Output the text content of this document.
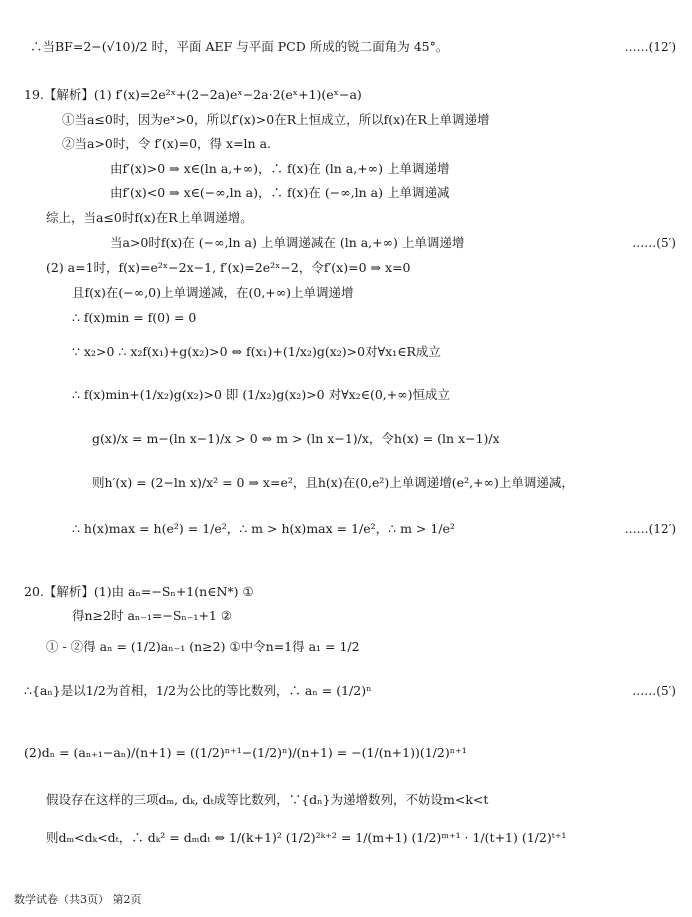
数学试卷（共3页） 第2页
∴当BF=2−(√10)/2 时，平面 AEF 与平面 PCD 所成的锐二面角为 45°。	……(12′)
19.【解析】(1) f′(x)=2e²ˣ+(2−2a)eˣ−2a·2(eˣ+1)(eˣ−a)
①当a≤0时，因为eˣ>0，所以f′(x)>0在R上恒成立，所以f(x)在R上单调递增
②当a>0时，令 f′(x)=0，得 x=ln a.
由f′(x)>0 ⇒ x∈(ln a,+∞)，∴ f(x)在 (ln a,+∞) 上单调递增
由f′(x)<0 ⇒ x∈(−∞,ln a)，∴ f(x)在 (−∞,ln a) 上单调递减
综上，当a≤0时f(x)在R上单调递增。
当a>0时f(x)在 (−∞,ln a) 上单调递减在 (ln a,+∞) 上单调递增	……(5′)
(2) a=1时，f(x)=e²ˣ−2x−1, f′(x)=2e²ˣ−2，令f′(x)=0 ⇒ x=0
且f(x)在(−∞,0)上单调递减，在(0,+∞)上单调递增
∴ f(x)min = f(0) = 0
∵ x₂>0 ∴ x₂f(x₁)+g(x₂)>0 ⇔ f(x₁)+(1/x₂)g(x₂)>0对∀x₁∈R成立
∴ f(x)min+(1/x₂)g(x₂)>0 即 (1/x₂)g(x₂)>0 对∀x₂∈(0,+∞)恒成立
g(x)/x = m−(ln x−1)/x > 0 ⇔ m > (ln x−1)/x，令h(x) = (ln x−1)/x
则h′(x) = (2−ln x)/x² = 0 ⇒ x=e²，且h(x)在(0,e²)上单调递增(e²,+∞)上单调递减，
∴ h(x)max = h(e²) = 1/e²，∴ m > h(x)max = 1/e²，∴ m > 1/e²	……(12′)
20.【解析】(1)由 aₙ=−Sₙ+1(n∈N*) ①
得n≥2时 aₙ₋₁=−Sₙ₋₁+1 ②
① - ②得 aₙ = (1/2)aₙ₋₁ (n≥2) ①中令n=1得 a₁ = 1/2
∴{aₙ}是以1/2为首相，1/2为公比的等比数列，∴ aₙ = (1/2)ⁿ	……(5′)
(2)dₙ = (aₙ₊₁−aₙ)/(n+1) = ((1/2)ⁿ⁺¹−(1/2)ⁿ)/(n+1) = −(1/(n+1))(1/2)ⁿ⁺¹
假设存在这样的三项dₘ, dₖ, dₜ成等比数列，∵{dₙ}为递增数列，不妨设m<k<t
则dₘ<dₖ<dₜ，∴ dₖ² = dₘdₜ ⇔ 1/(k+1)² (1/2)²ᵏ⁺² = 1/(m+1) (1/2)ᵐ⁺¹ · 1/(t+1) (1/2)ᵗ⁺¹
